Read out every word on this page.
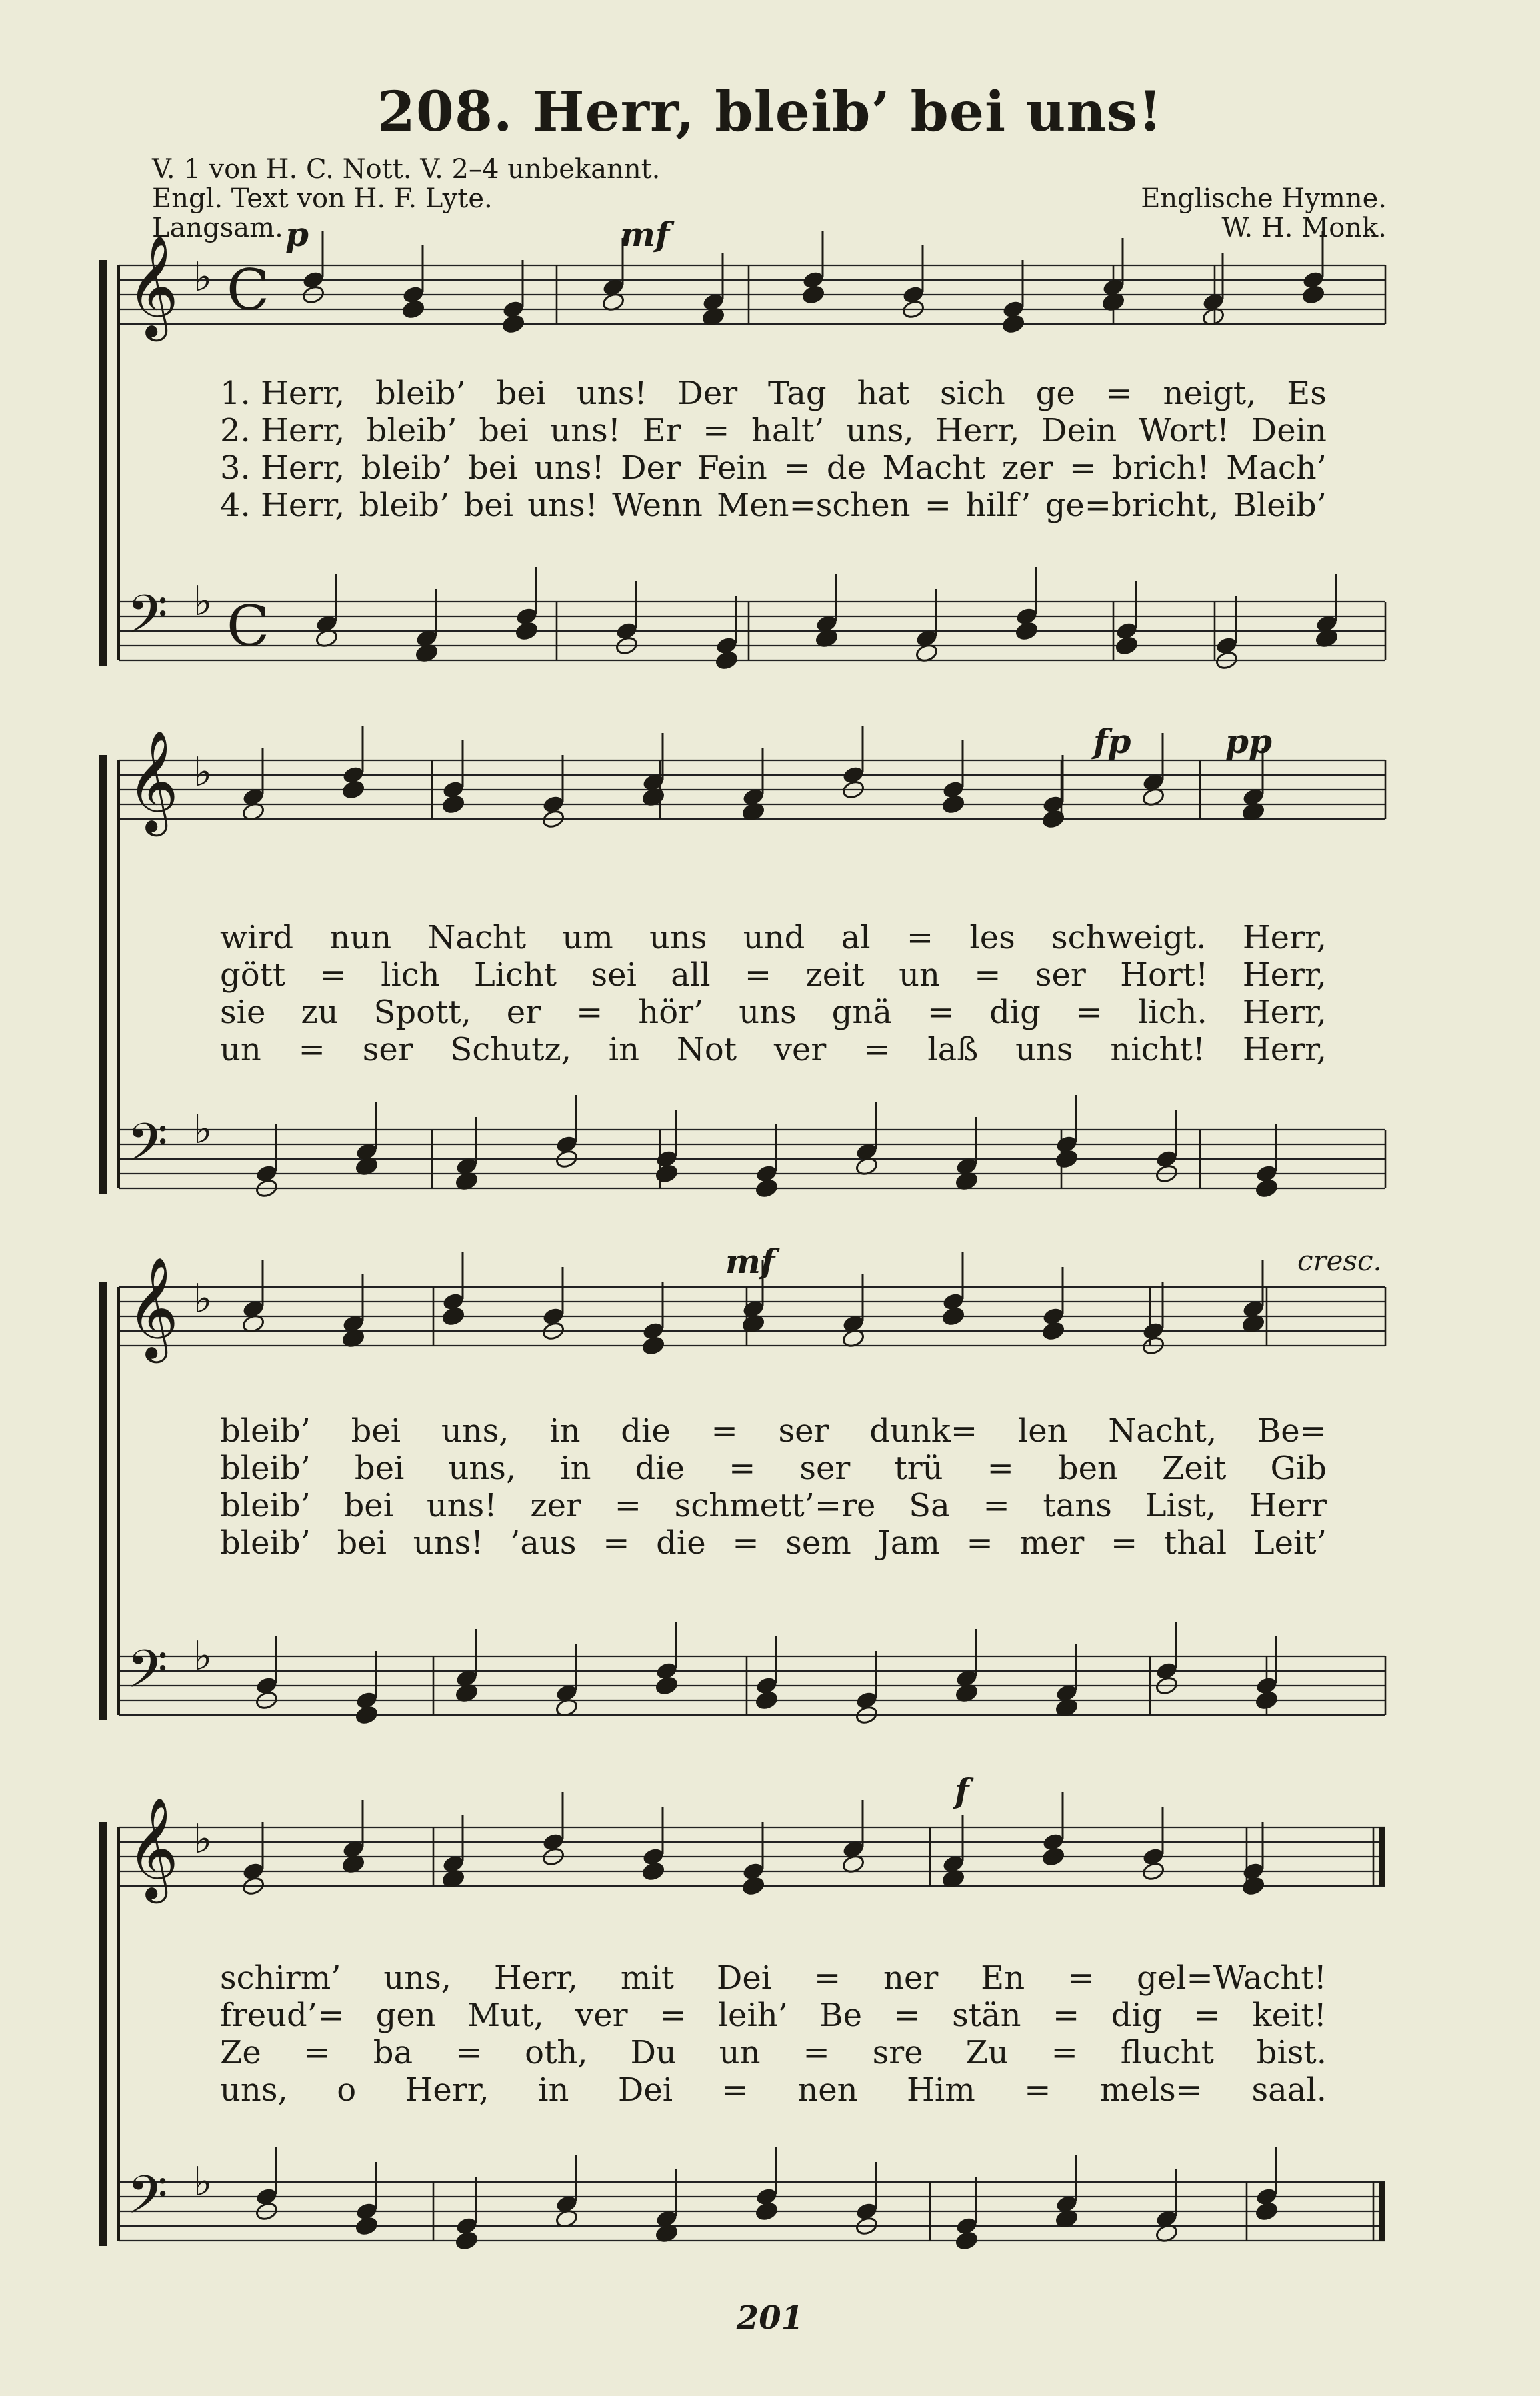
208. Herr, bleib’ bei uns!
V. 1 von H. C. Nott. V. 2–4 unbekannt.
Engl. Text von H. F. Lyte.
Langsam.
Englische Hymne.
W. H. Monk.
p	mf
fp	pp
mf	cresc.
f
1. Herr, bleib’ bei uns! Der Tag hat sich ge = neigt, Es
2. Herr, bleib’ bei uns! Er = halt’ uns, Herr, Dein Wort! Dein
3. Herr, bleib’ bei uns! Der Fein = de Macht zer = brich! Mach’
4. Herr, bleib’ bei uns! Wenn Men=schen = hilf’ ge=bricht, Bleib’
wird nun Nacht um uns und al = les schweigt. Herr,
gött = lich Licht sei all = zeit un = ser Hort! Herr,
sie zu Spott, er = hör’ uns gnä = dig = lich. Herr,
un = ser Schutz, in Not ver = laß uns nicht! Herr,
bleib’ bei uns, in die = ser dunk= len Nacht, Be=
bleib’ bei uns, in die = ser trü = ben Zeit Gib
bleib’ bei uns! zer = schmett’=re Sa = tans List, Herr
bleib’ bei uns! ’aus = die = sem Jam = mer = thal Leit’
schirm’ uns, Herr, mit Dei = ner En = gel=Wacht!
freud’= gen Mut, ver = leih’ Be = stän = dig = keit!
Ze = ba = oth, Du un = sre Zu = flucht bist.
uns, o Herr, in Dei = nen Him = mels= saal.
𝄞 ♭
𝄢 ♭
C
C
𝄞 ♭
𝄢 ♭
𝄞 ♭
𝄢 ♭
𝄞 ♭
𝄢 ♭
201
